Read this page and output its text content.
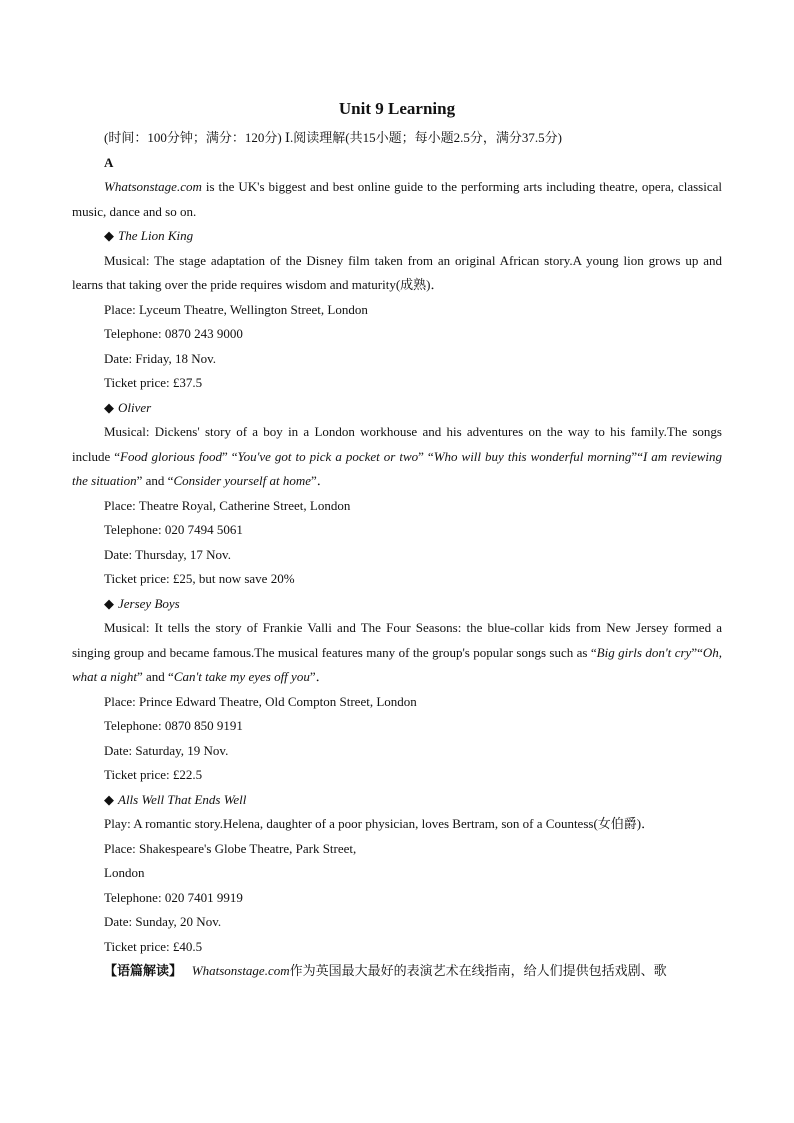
Unit 9 Learning
(时间：100分钟；满分：120分) Ⅰ.阅读理解(共15小题；每小题2.5分，满分37.5分)
A

Whatsonstage.com is the UK's biggest and best online guide to the performing arts including theatre, opera, classical music, dance and so on.

◆ The Lion King

Musical: The stage adaptation of the Disney film taken from an original African story.A young lion grows up and learns that taking over the pride requires wisdom and maturity(成熟)．

Place: Lyceum Theatre, Wellington Street, London
Telephone: 0870 243 9000
Date: Friday, 18 Nov.
Ticket price: £37.5
◆ Oliver

Musical: Dickens' story of a boy in a London workhouse and his adventures on the way to his family.The songs include “Food glorious food” “You've got to pick a pocket or two” “Who will buy this wonderful morning”“I am reviewing the situation” and “Consider yourself at home”．

Place: Theatre Royal, Catherine Street, London
Telephone: 020 7494 5061
Date: Thursday, 17 Nov.
Ticket price: £25, but now save 20%
◆ Jersey Boys

Musical: It tells the story of Frankie Valli and The Four Seasons: the blue-collar kids from New Jersey formed a singing group and became famous.The musical features many of the group's popular songs such as “Big girls don't cry”“Oh, what a night” and “Can't take my eyes off you”．

Place: Prince Edward Theatre, Old Compton Street, London
Telephone: 0870 850 9191
Date: Saturday, 19 Nov.
Ticket price: £22.5
◆ Alls Well That Ends Well

Play: A romantic story.Helena, daughter of a poor physician, loves Bertram, son of a Countess(女伯爵)．

Place: Shakespeare's Globe Theatre, Park Street,
London
Telephone: 020 7401 9919
Date: Sunday, 20 Nov.
Ticket price: £40.5
【语篇解读】 Whatsonstage.com作为英国最大最好的表演艺术在线指南，给人们提供包括戏剧、歌
